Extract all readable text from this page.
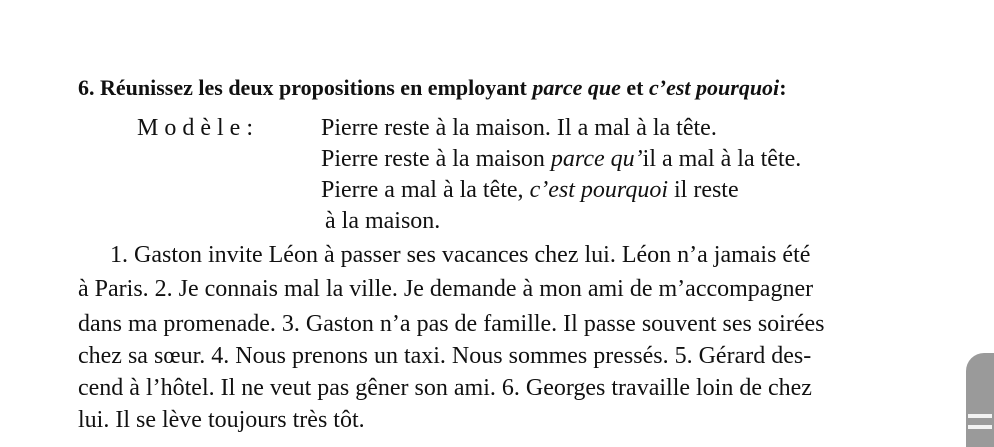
6. Réunissez les deux propositions en employant parce que et c’est pourquoi:
Modèle:	Pierre reste à la maison. Il a mal à la tête.
Pierre reste à la maison parce qu’il a mal à la tête.
Pierre a mal à la tête, c’est pourquoi il reste
à la maison.
1. Gaston invite Léon à passer ses vacances chez lui. Léon n’a jamais été
à Paris. 2. Je connais mal la ville. Je demande à mon ami de m’accompagner
dans ma promenade. 3. Gaston n’a pas de famille. Il passe souvent ses soirées
chez sa sœur. 4. Nous prenons un taxi. Nous sommes pressés. 5. Gérard des-
cend à l’hôtel. Il ne veut pas gêner son ami. 6. Georges travaille loin de chez
lui. Il se lève toujours très tôt.
